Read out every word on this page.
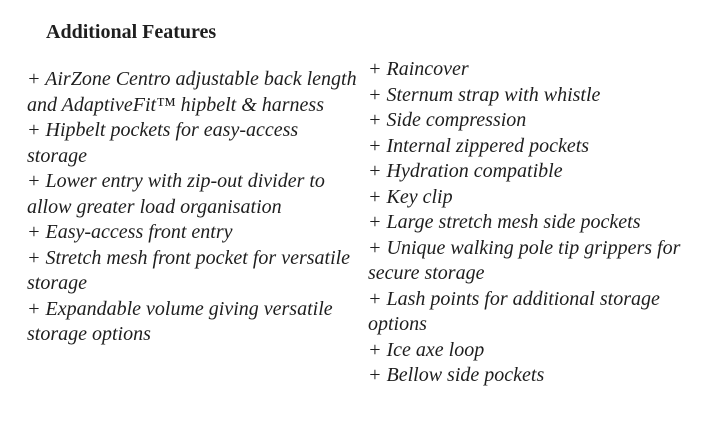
Additional Features
+ AirZone Centro adjustable back length and AdaptiveFit™ hipbelt & harness
+ Hipbelt pockets for easy-access storage
+ Lower entry with zip-out divider to allow greater load organisation
+ Easy-access front entry
+ Stretch mesh front pocket for versatile storage
+ Expandable volume giving versatile storage options
+ Raincover
+ Sternum strap with whistle
+ Side compression
+ Internal zippered pockets
+ Hydration compatible
+ Key clip
+ Large stretch mesh side pockets
+ Unique walking pole tip grippers for secure storage
+ Lash points for additional storage options
+ Ice axe loop
+ Bellow side pockets
